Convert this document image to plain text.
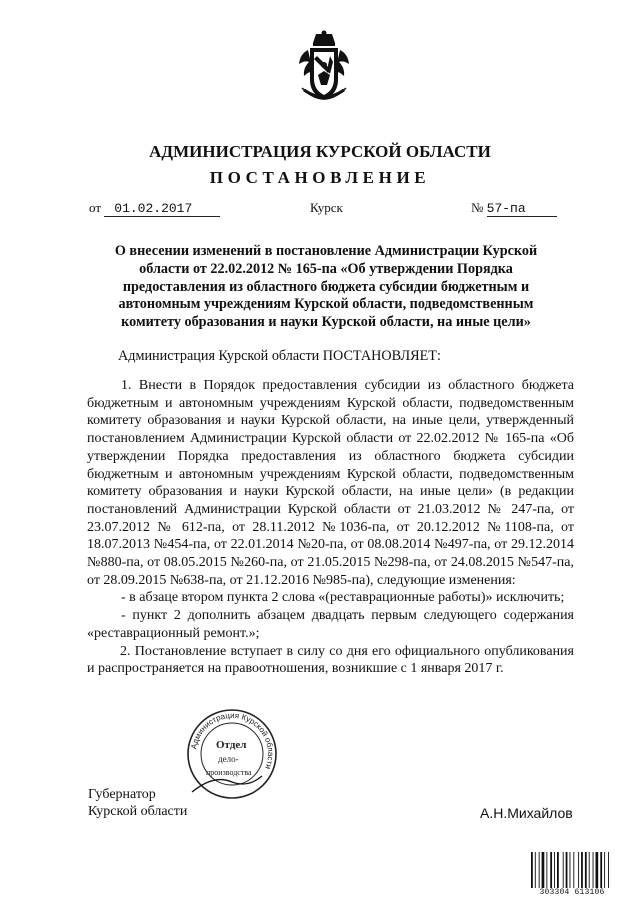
АДМИНИСТРАЦИЯ КУРСКОЙ ОБЛАСТИ
ПОСТАНОВЛЕНИЕ
от 01.02.2017	Курск	№ 57-па
О внесении изменений в постановление Администрации Курской области от 22.02.2012 № 165-па «Об утверждении Порядка предоставления из областного бюджета субсидии бюджетным и автономным учреждениям Курской области, подведомственным комитету образования и науки Курской области, на иные цели»
Администрация Курской области ПОСТАНОВЛЯЕТ:

1. Внести в Порядок предоставления субсидии из областного бюджета бюджетным и автономным учреждениям Курской области, подведомственным комитету образования и науки Курской области, на иные цели, утвержденный постановлением Администрации Курской области от 22.02.2012 № 165-па «Об утверждении Порядка предоставления из областного бюджета субсидии бюджетным и автономным учреждениям Курской области, подведомственным комитету образования и науки Курской области, на иные цели» (в редакции постановлений Администрации Курской области от 21.03.2012 № 247-па, от 23.07.2012 № 612-па, от 28.11.2012 №1036-па, от 20.12.2012 №1108-па, от 18.07.2013 №454-па, от 22.01.2014 №20-па, от 08.08.2014 №497-па, от 29.12.2014 №880-па, от 08.05.2015 №260-па, от 21.05.2015 №298-па, от 24.08.2015 №547-па, от 28.09.2015 №638-па, от 21.12.2016 №985-па), следующие изменения:

- в абзаце втором пункта 2 слова «(реставрационные работы)» исключить;

- пункт 2 дополнить абзацем двадцать первым следующего содержания «реставрационный ремонт.»;

2. Постановление вступает в силу со дня его официального опубликования и распространяется на правоотношения, возникшие с 1 января 2017 г.

Губернатор
Курской области	А.Н.Михайлов
Администрация Курской области
Отдел
дело-
производства
303304 613106
